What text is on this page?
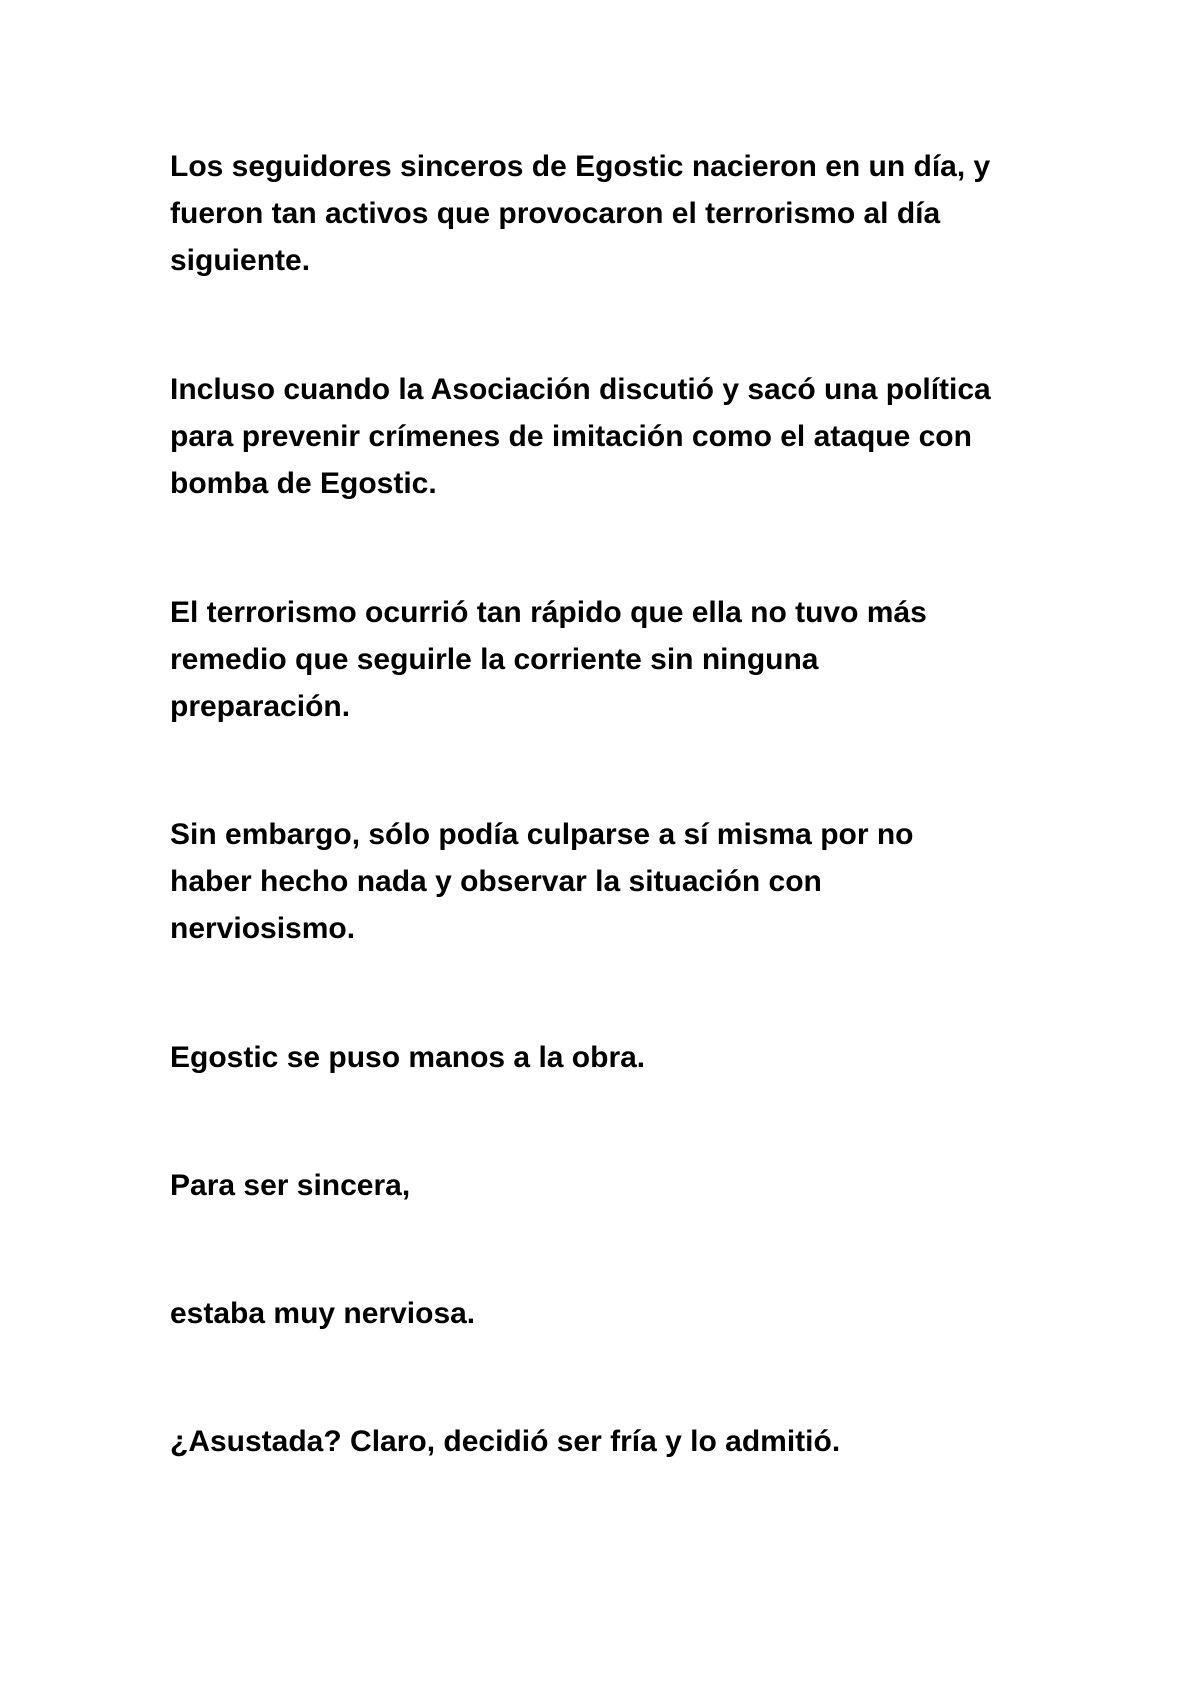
Los seguidores sinceros de Egostic nacieron en un día, y
fueron tan activos que provocaron el terrorismo al día
siguiente.

Incluso cuando la Asociación discutió y sacó una política
para prevenir crímenes de imitación como el ataque con
bomba de Egostic.

El terrorismo ocurrió tan rápido que ella no tuvo más
remedio que seguirle la corriente sin ninguna
preparación.

Sin embargo, sólo podía culparse a sí misma por no
haber hecho nada y observar la situación con
nerviosismo.

Egostic se puso manos a la obra.

Para ser sincera,

estaba muy nerviosa.

¿Asustada? Claro, decidió ser fría y lo admitió.
